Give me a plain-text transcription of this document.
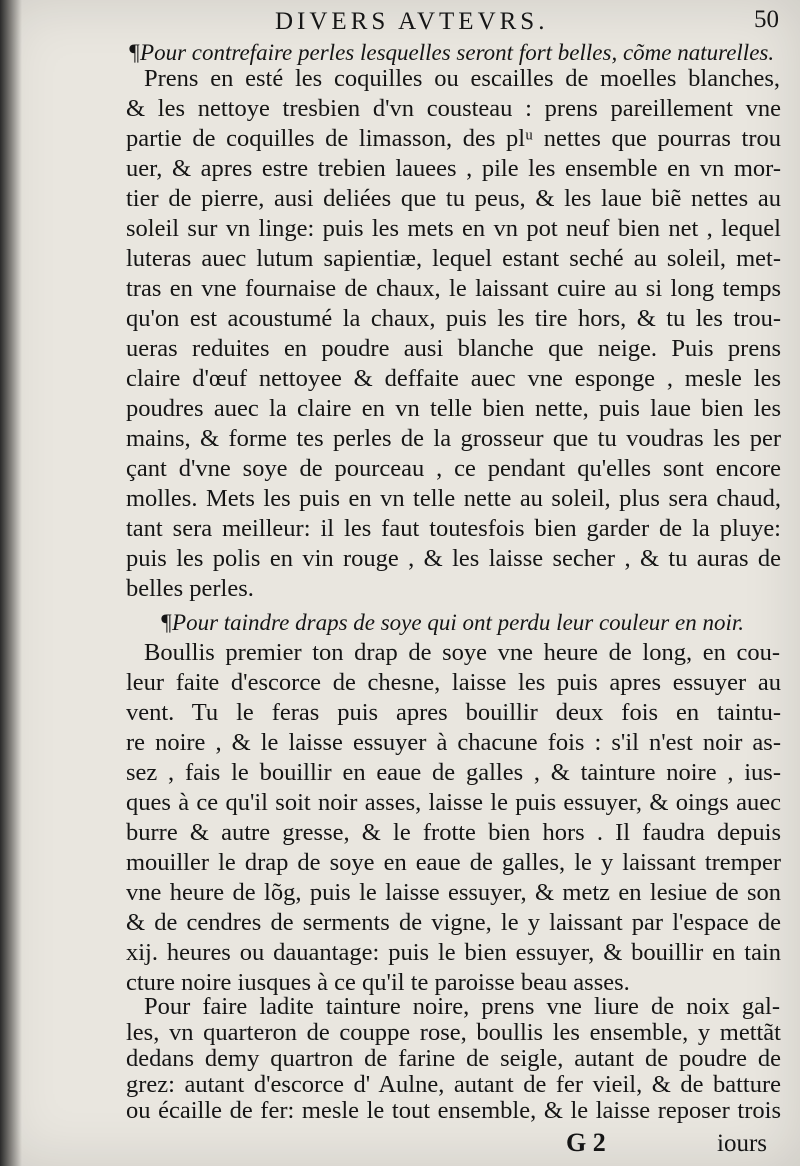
DIVERS AVTEVRS.	50
¶Pour contrefaire perles lesquelles seront fort belles, cõme naturelles.
Prens en esté les coquilles ou escailles de moelles blanches,
& les nettoye tresbien d'vn cousteau : prens pareillement vne
partie de coquilles de limasson, des plᵘ nettes que pourras trou
uer, & apres estre trebien lauees , pile les ensemble en vn mor-
tier de pierre, ausi deliées que tu peus, & les laue biẽ nettes au
soleil sur vn linge: puis les mets en vn pot neuf bien net , lequel
luteras auec lutum sapientiæ, lequel estant seché au soleil, met-
tras en vne fournaise de chaux, le laissant cuire au si long temps
qu'on est acoustumé la chaux, puis les tire hors, & tu les trou-
ueras reduites en poudre ausi blanche que neige. Puis prens
claire d'œuf nettoyee & deffaite auec vne esponge , mesle les
poudres auec la claire en vn telle bien nette, puis laue bien les
mains, & forme tes perles de la grosseur que tu voudras les per
çant d'vne soye de pourceau , ce pendant qu'elles sont encore
molles. Mets les puis en vn telle nette au soleil, plus sera chaud,
tant sera meilleur: il les faut toutesfois bien garder de la pluye:
puis les polis en vin rouge , & les laisse secher , & tu auras de
belles perles.
¶Pour taindre draps de soye qui ont perdu leur couleur en noir.
Boullis premier ton drap de soye vne heure de long, en cou-
leur faite d'escorce de chesne, laisse les puis apres essuyer au
vent. Tu le feras puis apres bouillir deux fois en taintu-
re noire , & le laisse essuyer à chacune fois : s'il n'est noir as-
sez , fais le bouillir en eaue de galles , & tainture noire , ius-
ques à ce qu'il soit noir asses, laisse le puis essuyer, & oings auec
burre & autre gresse, & le frotte bien hors . Il faudra depuis
mouiller le drap de soye en eaue de galles, le y laissant tremper
vne heure de lõg, puis le laisse essuyer, & metz en lesiue de son
& de cendres de serments de vigne, le y laissant par l'espace de
xij. heures ou dauantage: puis le bien essuyer, & bouillir en tain
cture noire iusques à ce qu'il te paroisse beau asses.
Pour faire ladite tainture noire, prens vne liure de noix gal-
les, vn quarteron de couppe rose, boullis les ensemble, y mettãt
dedans demy quartron de farine de seigle, autant de poudre de
grez: autant d'escorce d' Aulne, autant de fer vieil, & de batture
ou écaille de fer: mesle le tout ensemble, & le laisse reposer trois
G 2	iours
